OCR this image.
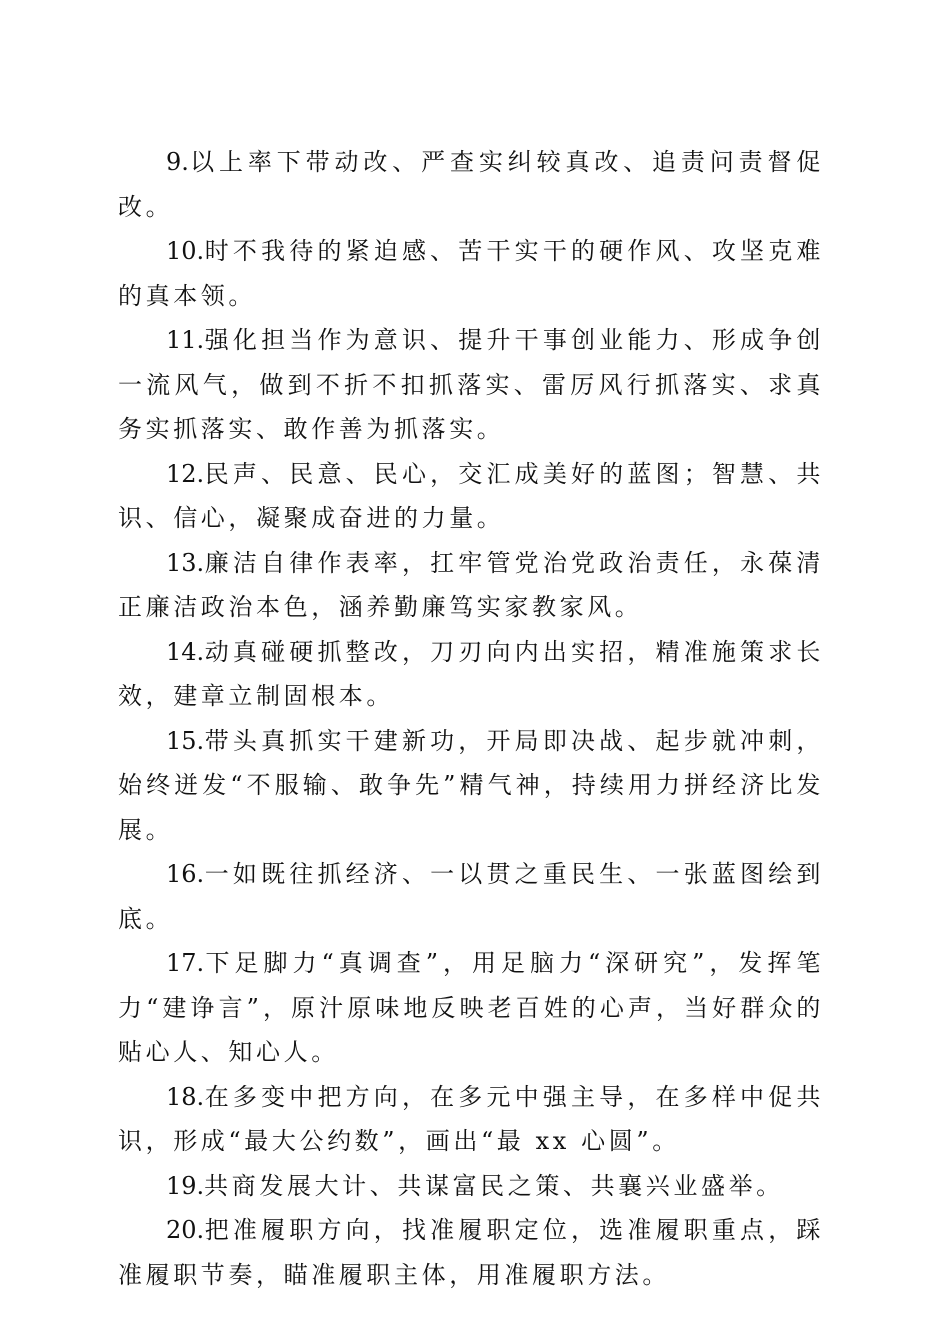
9.以上率下带动改、严查实纠较真改、追责问责督促改。

10.时不我待的紧迫感、苦干实干的硬作风、攻坚克难的真本领。

11.强化担当作为意识、提升干事创业能力、形成争创一流风气，做到不折不扣抓落实、雷厉风行抓落实、求真务实抓落实、敢作善为抓落实。

12.民声、民意、民心，交汇成美好的蓝图；智慧、共识、信心，凝聚成奋进的力量。

13.廉洁自律作表率，扛牢管党治党政治责任，永葆清正廉洁政治本色，涵养勤廉笃实家教家风。

14.动真碰硬抓整改，刀刃向内出实招，精准施策求长效，建章立制固根本。

15.带头真抓实干建新功，开局即决战、起步就冲刺，始终迸发“不服输、敢争先”精气神，持续用力拼经济比发展。

16.一如既往抓经济、一以贯之重民生、一张蓝图绘到底。

17.下足脚力“真调查”，用足脑力“深研究”，发挥笔力“建诤言”，原汁原味地反映老百姓的心声，当好群众的贴心人、知心人。

18.在多变中把方向，在多元中强主导，在多样中促共识，形成“最大公约数”，画出“最 xx 心圆”。

19.共商发展大计、共谋富民之策、共襄兴业盛举。

20.把准履职方向，找准履职定位，选准履职重点，踩准履职节奏，瞄准履职主体，用准履职方法。
